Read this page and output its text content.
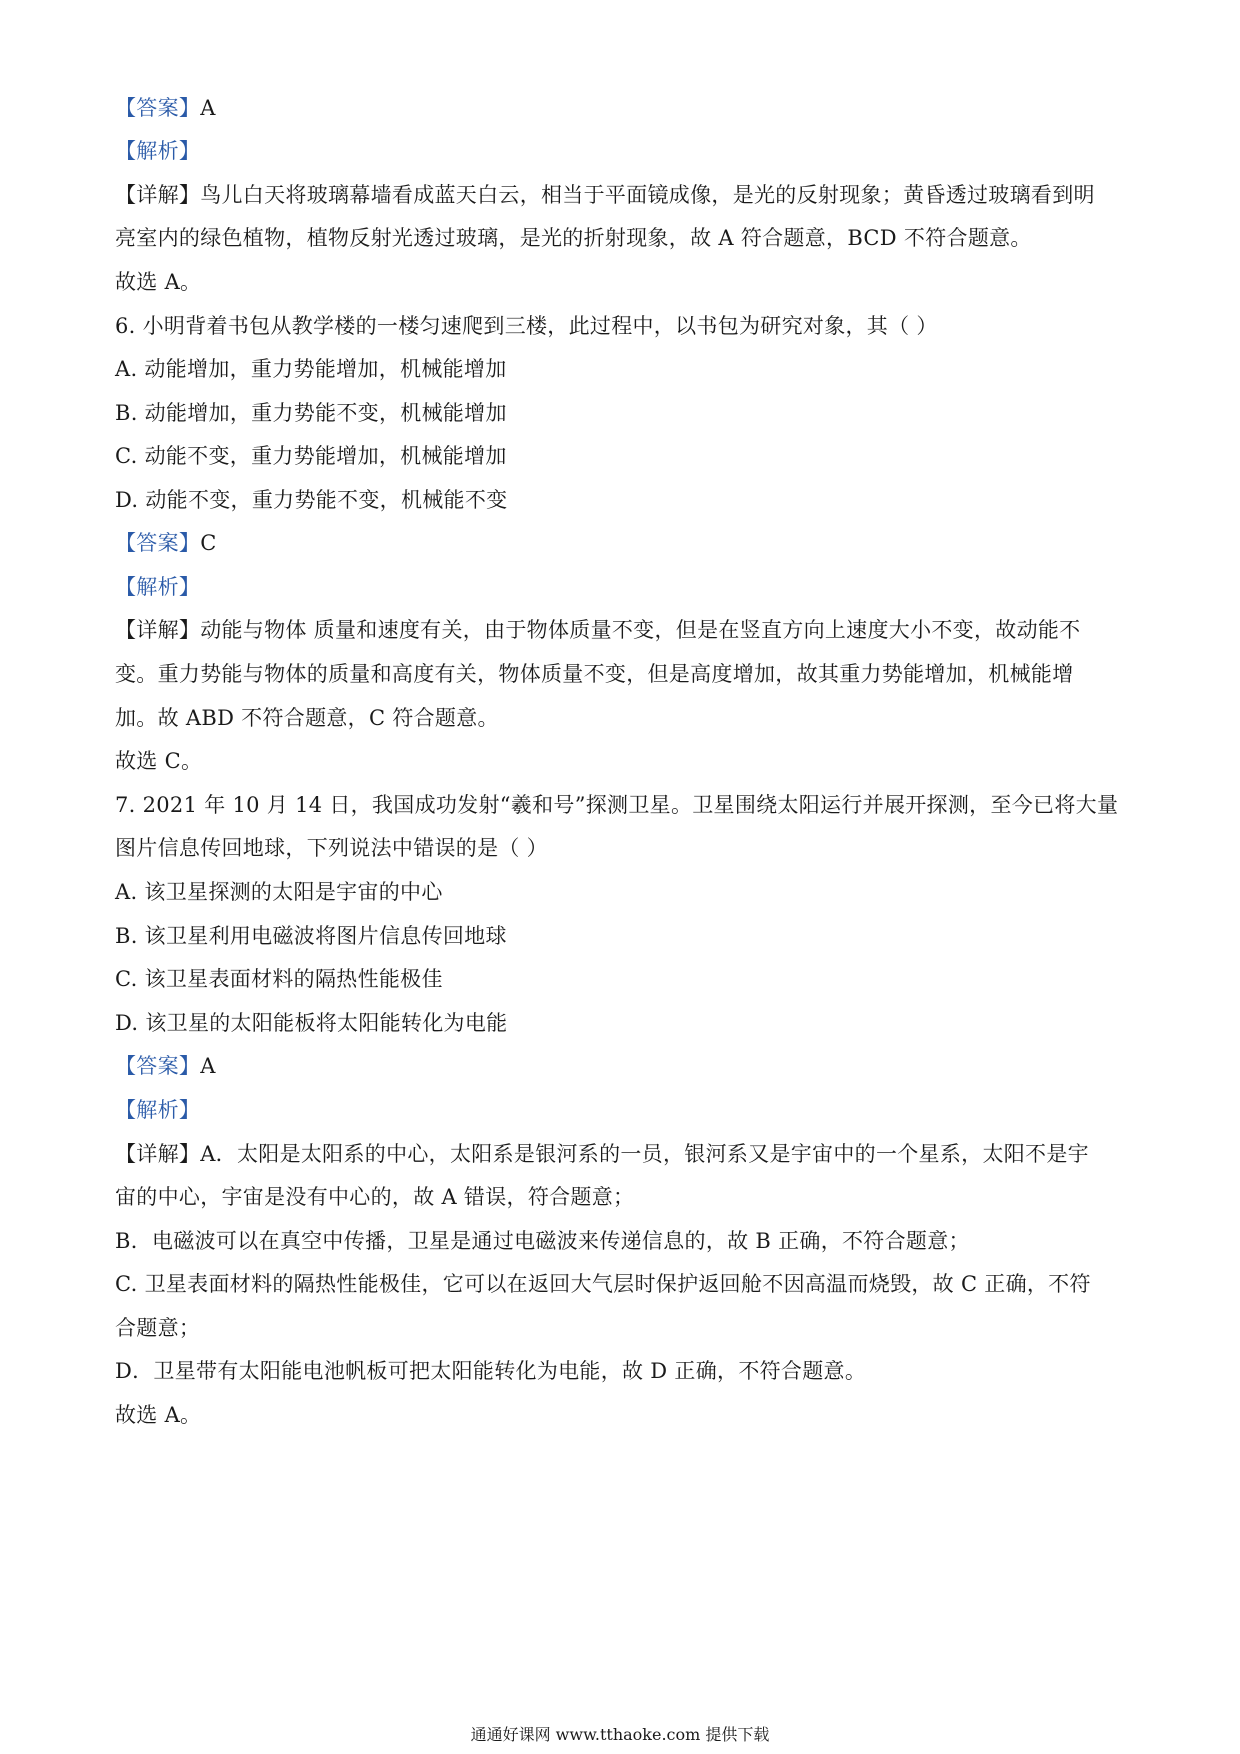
【答案】A
【解析】
【详解】鸟儿白天将玻璃幕墙看成蓝天白云，相当于平面镜成像，是光的反射现象；黄昏透过玻璃看到明
亮室内的绿色植物，植物反射光透过玻璃，是光的折射现象，故 A 符合题意，BCD 不符合题意。
故选 A。
6. 小明背着书包从教学楼的一楼匀速爬到三楼，此过程中，以书包为研究对象，其（ ）
A. 动能增加，重力势能增加，机械能增加
B. 动能增加，重力势能不变，机械能增加
C. 动能不变，重力势能增加，机械能增加
D. 动能不变，重力势能不变，机械能不变
【答案】C
【解析】
【详解】动能与物体 质量和速度有关，由于物体质量不变，但是在竖直方向上速度大小不变，故动能不
变。重力势能与物体的质量和高度有关，物体质量不变，但是高度增加，故其重力势能增加，机械能增
加。故 ABD 不符合题意，C 符合题意。
故选 C。
7. 2021 年 10 月 14 日，我国成功发射“羲和号”探测卫星。卫星围绕太阳运行并展开探测，至今已将大量
图片信息传回地球，下列说法中错误的是（ ）
A. 该卫星探测的太阳是宇宙的中心
B. 该卫星利用电磁波将图片信息传回地球
C. 该卫星表面材料的隔热性能极佳
D. 该卫星的太阳能板将太阳能转化为电能
【答案】A
【解析】
【详解】A．太阳是太阳系的中心，太阳系是银河系的一员，银河系又是宇宙中的一个星系，太阳不是宇
宙的中心，宇宙是没有中心的，故 A 错误，符合题意；
B．电磁波可以在真空中传播，卫星是通过电磁波来传递信息的，故 B 正确，不符合题意；
C. 卫星表面材料的隔热性能极佳，它可以在返回大气层时保护返回舱不因高温而烧毁，故 C 正确，不符
合题意；
D．卫星带有太阳能电池帆板可把太阳能转化为电能，故 D 正确，不符合题意。
故选 A。
通通好课网 www.tthaoke.com 提供下载
